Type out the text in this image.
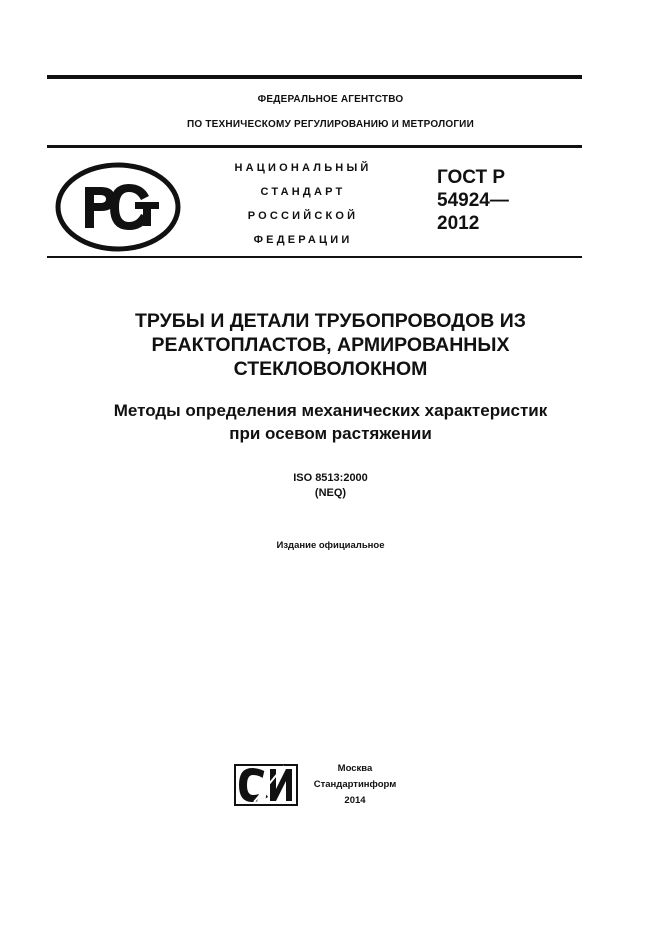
ФЕДЕРАЛЬНОЕ АГЕНТСТВО
ПО ТЕХНИЧЕСКОМУ РЕГУЛИРОВАНИЮ И МЕТРОЛОГИИ
НАЦИОНАЛЬНЫЙ
СТАНДАРТ
РОССИЙСКОЙ
ФЕДЕРАЦИИ
ГОСТ Р
54924—
2012
ТРУБЫ И ДЕТАЛИ ТРУБОПРОВОДОВ ИЗ
РЕАКТОПЛАСТОВ, АРМИРОВАННЫХ
СТЕКЛОВОЛОКНОМ
Методы определения механических характеристик
при осевом растяжении
ISO 8513:2000
(NEQ)
Издание официальное
Москва
Стандартинформ
2014
